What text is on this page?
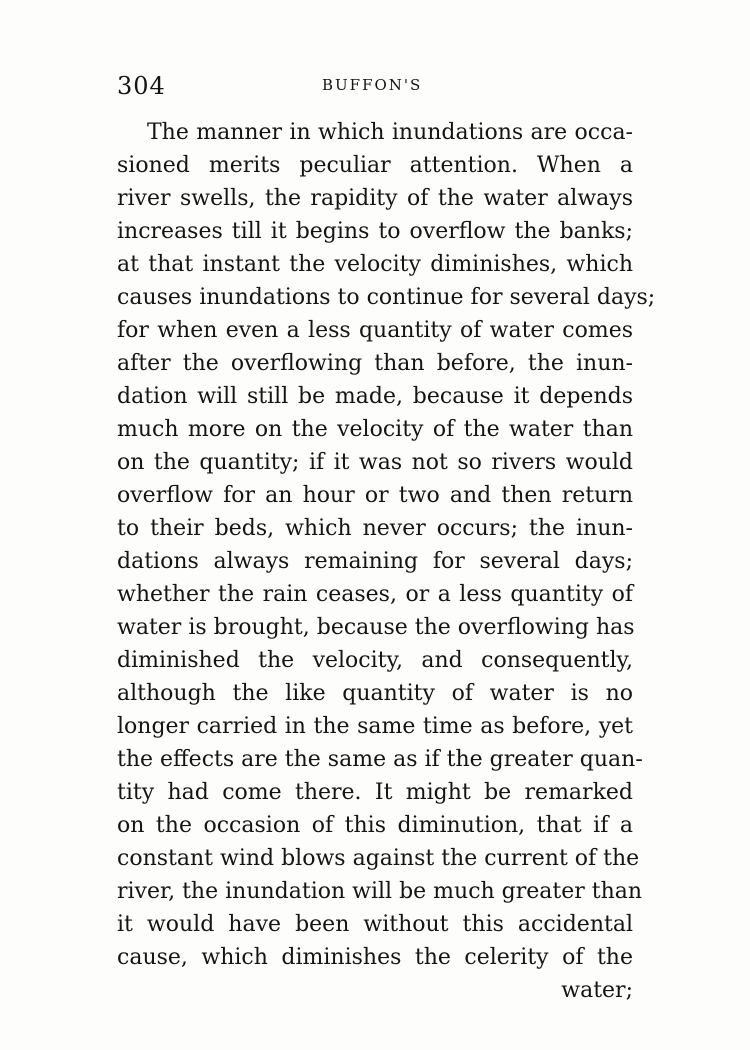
304	BUFFON'S
The manner in which inundations are occa-
sioned merits peculiar attention. When a
river swells, the rapidity of the water always
increases till it begins to overflow the banks;
at that instant the velocity diminishes, which
causes inundations to continue for several days;
for when even a less quantity of water comes
after the overflowing than before, the inun-
dation will still be made, because it depends
much more on the velocity of the water than
on the quantity; if it was not so rivers would
overflow for an hour or two and then return
to their beds, which never occurs; the inun-
dations always remaining for several days;
whether the rain ceases, or a less quantity of
water is brought, because the overflowing has
diminished the velocity, and consequently,
although the like quantity of water is no
longer carried in the same time as before, yet
the effects are the same as if the greater quan-
tity had come there. It might be remarked
on the occasion of this diminution, that if a
constant wind blows against the current of the
river, the inundation will be much greater than
it would have been without this accidental
cause, which diminishes the celerity of the
water;
